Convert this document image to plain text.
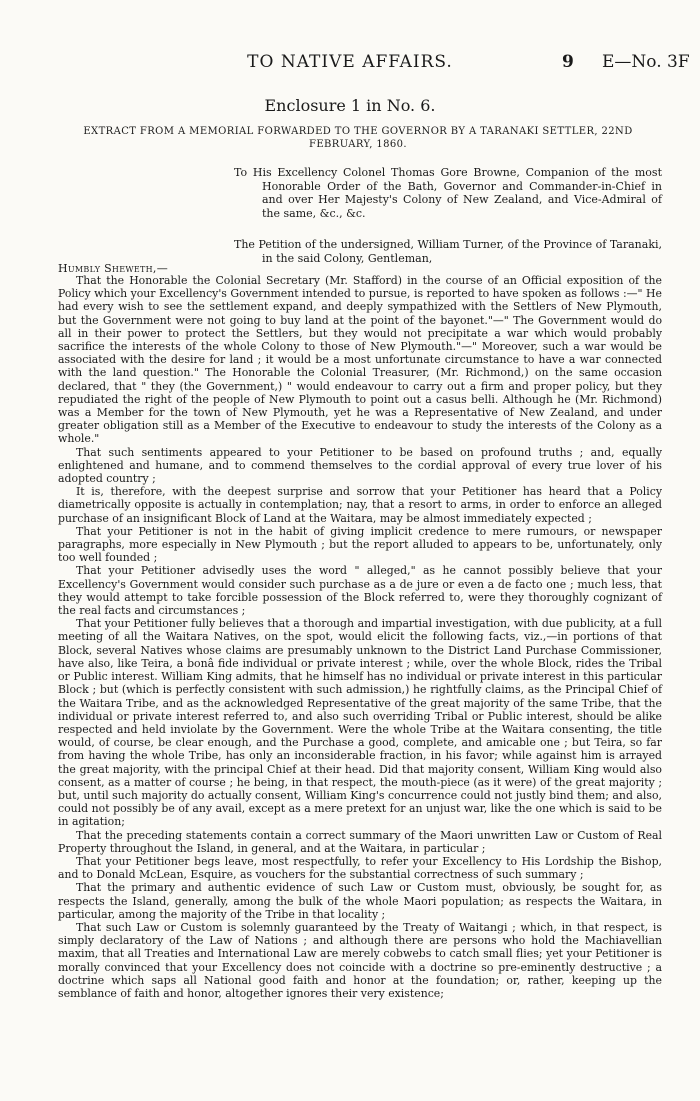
TO NATIVE AFFAIRS.	9 E—No. 3F
Enclosure 1 in No. 6.
EXTRACT FROM A MEMORIAL FORWARDED TO THE GOVERNOR BY A TARANAKI SETTLER, 22ND FEBRUARY, 1860.

To His Excellency Colonel Thomas Gore Browne, Companion of the most Honorable Order of the Bath, Governor and Commander-in-Chief in and over Her Majesty's Colony of New Zealand, and Vice-Admiral of the same, &c., &c.

The Petition of the undersigned, William Turner, of the Province of Taranaki, in the said Colony, Gentleman,

Humbly Sheweth,—

That the Honorable the Colonial Secretary (Mr. Stafford) in the course of an Official exposition of the Policy which your Excellency's Government intended to pursue, is reported to have spoken as follows :—" He had every wish to see the settlement expand, and deeply sympathized with the Settlers of New Plymouth, but the Government were not going to buy land at the point of the bayonet."—" The Government would do all in their power to protect the Settlers, but they would not precipitate a war which would probably sacrifice the interests of the whole Colony to those of New Plymouth."—" Moreover, such a war would be associated with the desire for land ; it would be a most unfortunate circumstance to have a war connected with the land question." The Honorable the Colonial Treasurer, (Mr. Richmond,) on the same occasion declared, that " they (the Government,) " would endeavour to carry out a firm and proper policy, but they repudiated the right of the people of New Plymouth to point out a casus belli. Although he (Mr. Richmond) was a Member for the town of New Plymouth, yet he was a Representative of New Zealand, and under greater obligation still as a Member of the Executive to endeavour to study the interests of the Colony as a whole."

That such sentiments appeared to your Petitioner to be based on profound truths ; and, equally enlightened and humane, and to commend themselves to the cordial approval of every true lover of his adopted country ;

It is, therefore, with the deepest surprise and sorrow that your Petitioner has heard that a Policy diametrically opposite is actually in contemplation; nay, that a resort to arms, in order to enforce an alleged purchase of an insignificant Block of Land at the Waitara, may be almost immediately expected ;

That your Petitioner is not in the habit of giving implicit credence to mere rumours, or newspaper paragraphs, more especially in New Plymouth ; but the report alluded to appears to be, unfortunately, only too well founded ;

That your Petitioner advisedly uses the word " alleged," as he cannot possibly believe that your Excellency's Government would consider such purchase as a de jure or even a de facto one ; much less, that they would attempt to take forcible possession of the Block referred to, were they thoroughly cognizant of the real facts and circumstances ;

That your Petitioner fully believes that a thorough and impartial investigation, with due publicity, at a full meeting of all the Waitara Natives, on the spot, would elicit the following facts, viz.,—in portions of that Block, several Natives whose claims are presumably unknown to the District Land Purchase Commissioner, have also, like Teira, a bonâ fide individual or private interest ; while, over the whole Block, rides the Tribal or Public interest. William King admits, that he himself has no individual or private interest in this particular Block ; but (which is perfectly consistent with such admission,) he rightfully claims, as the Principal Chief of the Waitara Tribe, and as the acknowledged Representative of the great majority of the same Tribe, that the individual or private interest referred to, and also such overriding Tribal or Public interest, should be alike respected and held inviolate by the Government. Were the whole Tribe at the Waitara consenting, the title would, of course, be clear enough, and the Purchase a good, complete, and amicable one ; but Teira, so far from having the whole Tribe, has only an inconsiderable fraction, in his favor; while against him is arrayed the great majority, with the principal Chief at their head. Did that majority consent, William King would also consent, as a matter of course ; he being, in that respect, the mouth-piece (as it were) of the great majority ; but, until such majority do actually consent, William King's concurrence could not justly bind them; and also, could not possibly be of any avail, except as a mere pretext for an unjust war, like the one which is said to be in agitation;

That the preceding statements contain a correct summary of the Maori unwritten Law or Custom of Real Property throughout the Island, in general, and at the Waitara, in particular ;

That your Petitioner begs leave, most respectfully, to refer your Excellency to His Lordship the Bishop, and to Donald McLean, Esquire, as vouchers for the substantial correctness of such summary ;

That the primary and authentic evidence of such Law or Custom must, obviously, be sought for, as respects the Island, generally, among the bulk of the whole Maori population; as respects the Waitara, in particular, among the majority of the Tribe in that locality ;

That such Law or Custom is solemnly guaranteed by the Treaty of Waitangi ; which, in that respect, is simply declaratory of the Law of Nations ; and although there are persons who hold the Machiavellian maxim, that all Treaties and International Law are merely cobwebs to catch small flies; yet your Petitioner is morally convinced that your Excellency does not coincide with a doctrine so pre-eminently destructive ; a doctrine which saps all National good faith and honor at the foundation; or, rather, keeping up the semblance of faith and honor, altogether ignores their very existence;
